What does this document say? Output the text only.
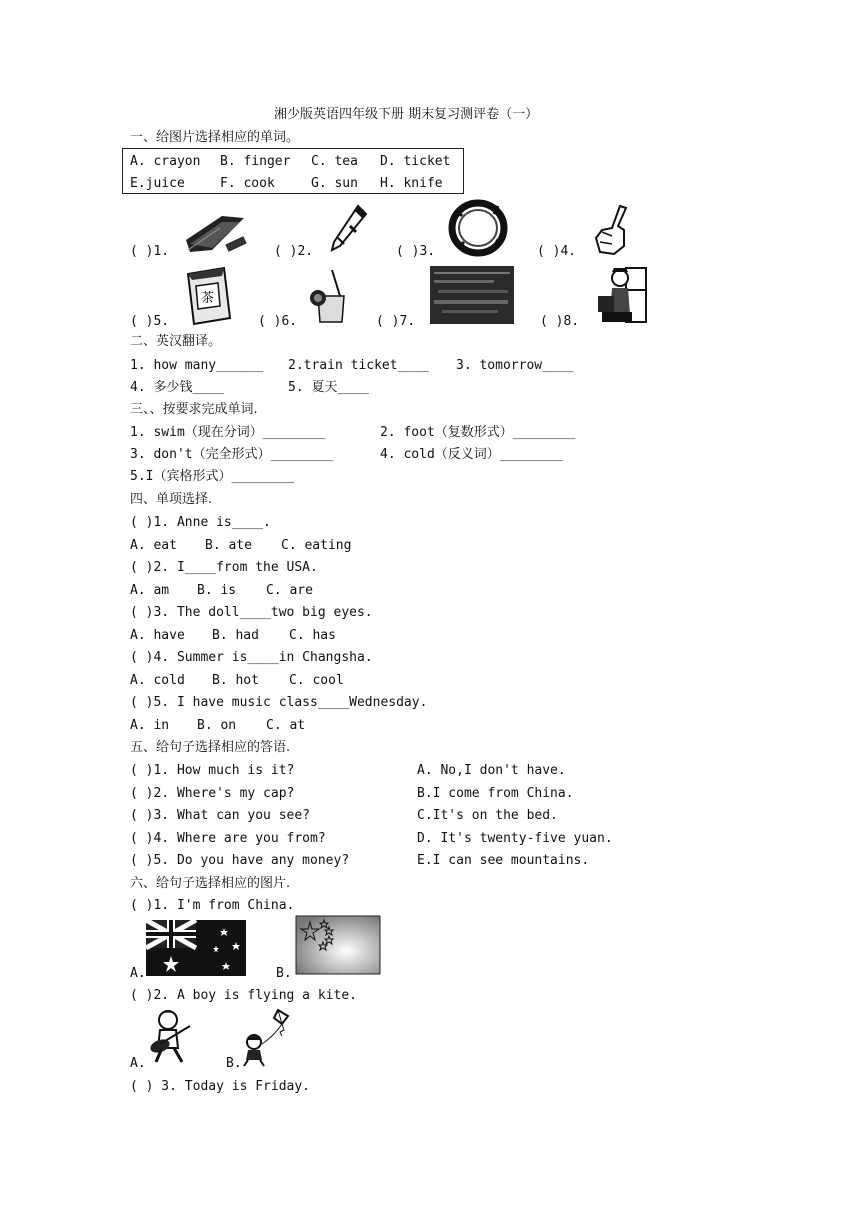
湘少版英语四年级下册 期末复习测评卷（一）
一、给图片选择相应的单词。
A. crayon B. finger C. tea D. ticket
E.juice	F. cook	G. sun H. knife
( )1.	( )2.	( )3.	( )4.
( )5.	( )6.	( )7.	( )8.
茶
二、英汉翻译。
1. how many______ 2.train ticket____ 3. tomorrow____
4. 多少钱____	5. 夏天____
三、、按要求完成单词.
1. swim（现在分词）________	2. foot（复数形式）________
3. don't（完全形式）________	4. cold（反义词）________
5.I（宾格形式）________
四、单项选择.
( )1. Anne is____.
A. eat B. ate C. eating
( )2. I____from the USA.
A. am B. is C. are
( )3. The doll____two big eyes.
A. have B. had C. has
( )4. Summer is____in Changsha.
A. cold B. hot C. cool
( )5. I have music class____Wednesday.
A. in B. on C. at
五、给句子选择相应的答语.
( )1. How much is it?	A. No,I don't have.
( )2. Where's my cap?	B.I come from China.
( )3. What can you see?	C.It's on the bed.
( )4. Where are you from?	D. It's twenty-five yuan.
( )5. Do you have any money?	E.I can see mountains.
六、给句子选择相应的图片.
( )1. I'm from China.
A.	B.
( )2. A boy is flying a kite.
A.	B.
( ) 3. Today is Friday.
